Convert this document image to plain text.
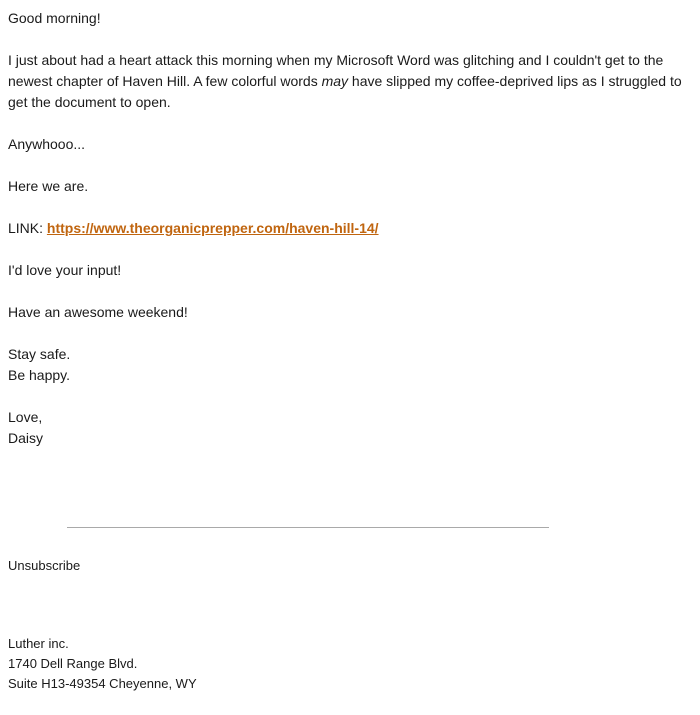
Good morning!

I just about had a heart attack this morning when my Microsoft Word was glitching and I couldn't get to the newest chapter of Haven Hill. A few colorful words may have slipped my coffee-deprived lips as I struggled to get the document to open.

Anywhooo...

Here we are.

LINK: https://www.theorganicprepper.com/haven-hill-14/

I'd love your input!

Have an awesome weekend!

Stay safe.
Be happy.

Love,
Daisy

Unsubscribe
Luther inc.
1740 Dell Range Blvd.
Suite H13-49354 Cheyenne, WY
